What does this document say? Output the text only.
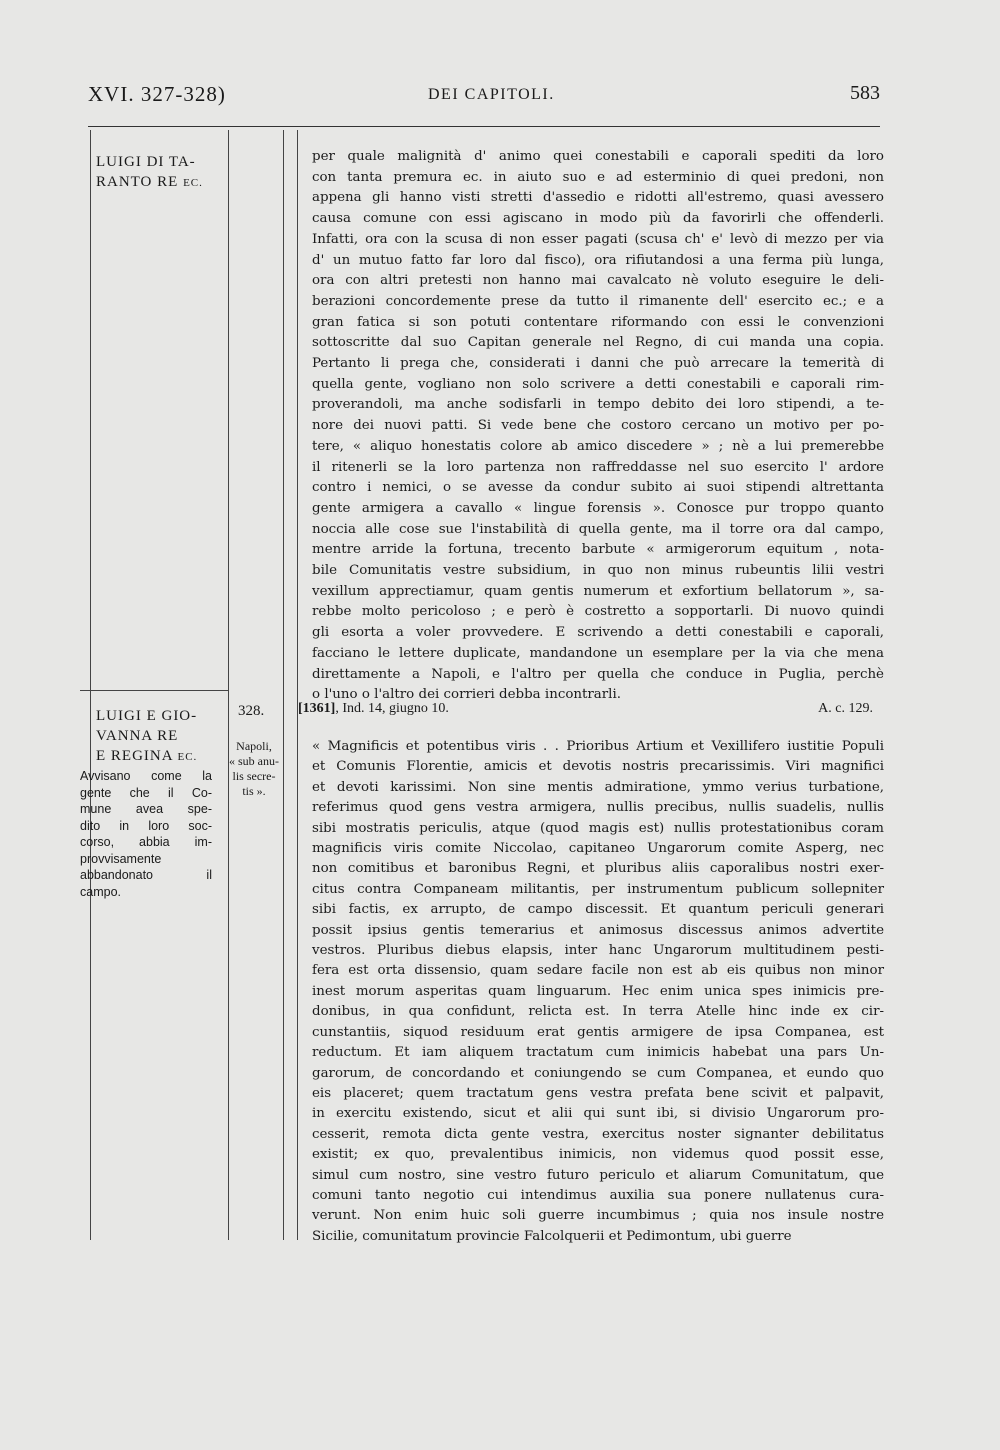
XVI. 327-328)	DEI CAPITOLI.	583
LUIGI DI TA-
RANTO RE EC.
per quale malignità d' animo quei conestabili e caporali spediti da loro
con tanta premura ec. in aiuto suo e ad esterminio di quei predoni, non
appena gli hanno visti stretti d'assedio e ridotti all'estremo, quasi avessero
causa comune con essi agiscano in modo più da favorirli che offenderli.
Infatti, ora con la scusa di non esser pagati (scusa ch' e' levò di mezzo per via
d' un mutuo fatto far loro dal fisco), ora rifiutandosi a una ferma più lunga,
ora con altri pretesti non hanno mai cavalcato nè voluto eseguire le deli-
berazioni concordemente prese da tutto il rimanente dell' esercito ec.; e a
gran fatica si son potuti contentare riformando con essi le convenzioni
sottoscritte dal suo Capitan generale nel Regno, di cui manda una copia.
Pertanto li prega che, considerati i danni che può arrecare la temerità di
quella gente, vogliano non solo scrivere a detti conestabili e caporali rim-
proverandoli, ma anche sodisfarli in tempo debito dei loro stipendi, a te-
nore dei nuovi patti. Si vede bene che costoro cercano un motivo per po-
tere, « aliquo honestatis colore ab amico discedere » ; nè a lui premerebbe
il ritenerli se la loro partenza non raffreddasse nel suo esercito l' ardore
contro i nemici, o se avesse da condur subito ai suoi stipendi altrettanta
gente armigera a cavallo « lingue forensis ». Conosce pur troppo quanto
noccia alle cose sue l'instabilità di quella gente, ma il torre ora dal campo,
mentre arride la fortuna, trecento barbute « armigerorum equitum , nota-
bile Comunitatis vestre subsidium, in quo non minus rubeuntis lilii vestri
vexillum apprectiamur, quam gentis numerum et exfortium bellatorum », sa-
rebbe molto pericoloso ; e però è costretto a sopportarli. Di nuovo quindi
gli esorta a voler provvedere. E scrivendo a detti conestabili e caporali,
facciano le lettere duplicate, mandandone un esemplare per la via che mena
direttamente a Napoli, e l'altro per quella che conduce in Puglia, perchè
o l'uno o l'altro dei corrieri debba incontrarli.
LUIGI E GIO-
VANNA RE
E REGINA EC.
Avvisano come la
gente che il Co-
mune avea spe-
dito in loro soc-
corso, abbia im-
provvisamente
abbandonato il
campo.
328.
Napoli,
« sub anu-
lis secre-
tis ».
[1361], Ind. 14, giugno 10.	A. c. 129.
« Magnificis et potentibus viris . . Prioribus Artium et Vexillifero iustitie Populi
et Comunis Florentie, amicis et devotis nostris precarissimis. Viri magnifici
et devoti karissimi. Non sine mentis admiratione, ymmo verius turbatione,
referimus quod gens vestra armigera, nullis precibus, nullis suadelis, nullis
sibi mostratis periculis, atque (quod magis est) nullis protestationibus coram
magnificis viris comite Niccolao, capitaneo Ungarorum comite Asperg, nec
non comitibus et baronibus Regni, et pluribus aliis caporalibus nostri exer-
citus contra Companeam militantis, per instrumentum publicum sollepniter
sibi factis, ex arrupto, de campo discessit. Et quantum periculi generari
possit ipsius gentis temerarius et animosus discessus animos advertite
vestros. Pluribus diebus elapsis, inter hanc Ungarorum multitudinem pesti-
fera est orta dissensio, quam sedare facile non est ab eis quibus non minor
inest morum asperitas quam linguarum. Hec enim unica spes inimicis pre-
donibus, in qua confidunt, relicta est. In terra Atelle hinc inde ex cir-
cunstantiis, siquod residuum erat gentis armigere de ipsa Companea, est
reductum. Et iam aliquem tractatum cum inimicis habebat una pars Un-
garorum, de concordando et coniungendo se cum Companea, et eundo quo
eis placeret; quem tractatum gens vestra prefata bene scivit et palpavit,
in exercitu existendo, sicut et alii qui sunt ibi, si divisio Ungarorum pro-
cesserit, remota dicta gente vestra, exercitus noster signanter debilitatus
existit; ex quo, prevalentibus inimicis, non videmus quod possit esse,
simul cum nostro, sine vestro futuro periculo et aliarum Comunitatum, que
comuni tanto negotio cui intendimus auxilia sua ponere nullatenus cura-
verunt. Non enim huic soli guerre incumbimus ; quia nos insule nostre
Sicilie, comunitatum provincie Falcolquerii et Pedimontum, ubi guerre
